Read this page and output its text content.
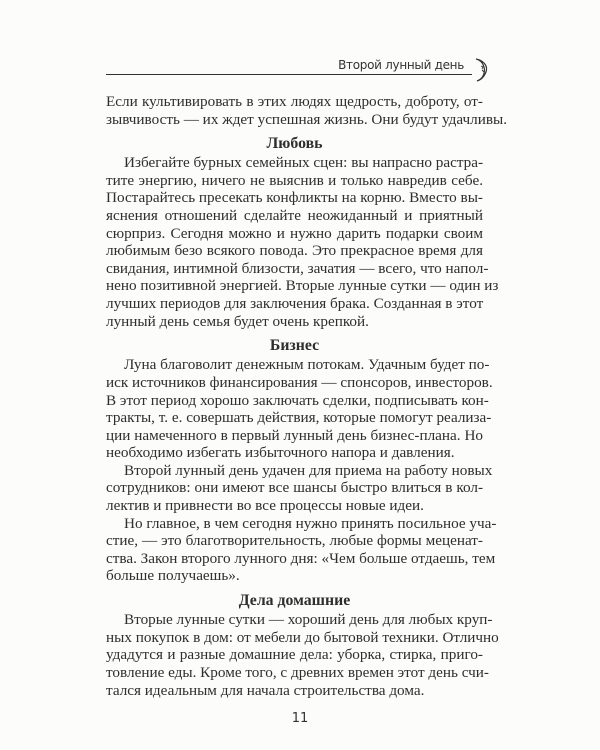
Второй лунный день
Если культивировать в этих людях щедрость, доброту, от-
зывчивость — их ждет успешная жизнь. Они будут удачливы.
Любовь
Избегайте бурных семейных сцен: вы напрасно растра-
тите энергию, ничего не выяснив и только навредив себе.
Постарайтесь пресекать конфликты на корню. Вместо вы-
яснения отношений сделайте неожиданный и приятный
сюрприз. Сегодня можно и нужно дарить подарки своим
любимым безо всякого повода. Это прекрасное время для
свидания, интимной близости, зачатия — всего, что напол-
нено позитивной энергией. Вторые лунные сутки — один из
лучших периодов для заключения брака. Созданная в этот
лунный день семья будет очень крепкой.
Бизнес
Луна благоволит денежным потокам. Удачным будет по-
иск источников финансирования — спонсоров, инвесторов.
В этот период хорошо заключать сделки, подписывать кон-
тракты, т. е. совершать действия, которые помогут реализа-
ции намеченного в первый лунный день бизнес-плана. Но
необходимо избегать избыточного напора и давления.
Второй лунный день удачен для приема на работу новых
сотрудников: они имеют все шансы быстро влиться в кол-
лектив и привнести во все процессы новые идеи.
Но главное, в чем сегодня нужно принять посильное уча-
стие, — это благотворительность, любые формы меценат-
ства. Закон второго лунного дня: «Чем больше отдаешь, тем
больше получаешь».
Дела домашние
Вторые лунные сутки — хороший день для любых круп-
ных покупок в дом: от мебели до бытовой техники. Отлично
удадутся и разные домашние дела: уборка, стирка, приго-
товление еды. Кроме того, с древних времен этот день счи-
тался идеальным для начала строительства дома.
11
